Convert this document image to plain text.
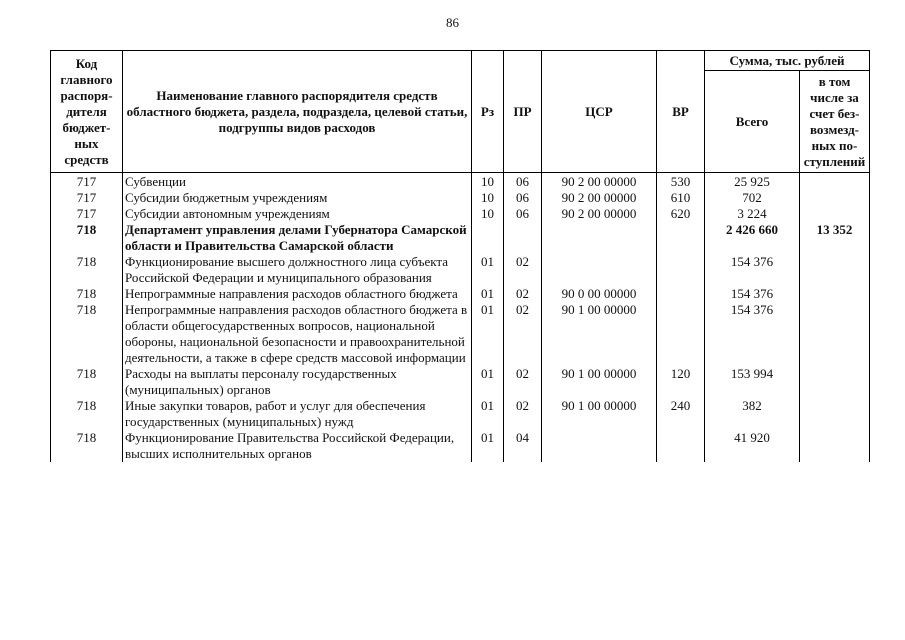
86
Код главного распоря-дителя бюджет-ных средств	Наименование главного распорядителя средств областного бюджета, раздела, подраздела, целевой статьи, подгруппы видов расходов	Рз	ПР	ЦСР	ВР	Сумма, тыс. рублей	
						Всего	в том числе за счет без-возмезд-ных по-ступлений
717	Субвенции	10	06	90 2 00 00000	530	25 925	
717	Субсидии бюджетным учреждениям	10	06	90 2 00 00000	610	702	
717	Субсидии автономным учреждениям	10	06	90 2 00 00000	620	3 224	
718	Департамент управления делами Губернатора Самарской области и Правительства Самарской области					2 426 660	13 352
718	Функционирование высшего должностного лица субъекта Российской Федерации и муниципального образования	01	02			154 376	
718	Непрограммные направления расходов областного бюджета	01	02	90 0 00 00000		154 376	
718	Непрограммные направления расходов областного бюджета в области общегосударственных вопросов, национальной обороны, национальной безопасности и правоохранительной деятельности, а также в сфере средств массовой информации	01	02	90 1 00 00000		154 376	
718	Расходы на выплаты персоналу государственных (муниципальных) органов	01	02	90 1 00 00000	120	153 994	
718	Иные закупки товаров, работ и услуг для обеспечения государственных (муниципальных) нужд	01	02	90 1 00 00000	240	382	
718	Функционирование Правительства Российской Федерации, высших исполнительных органов	01	04			41 920	
